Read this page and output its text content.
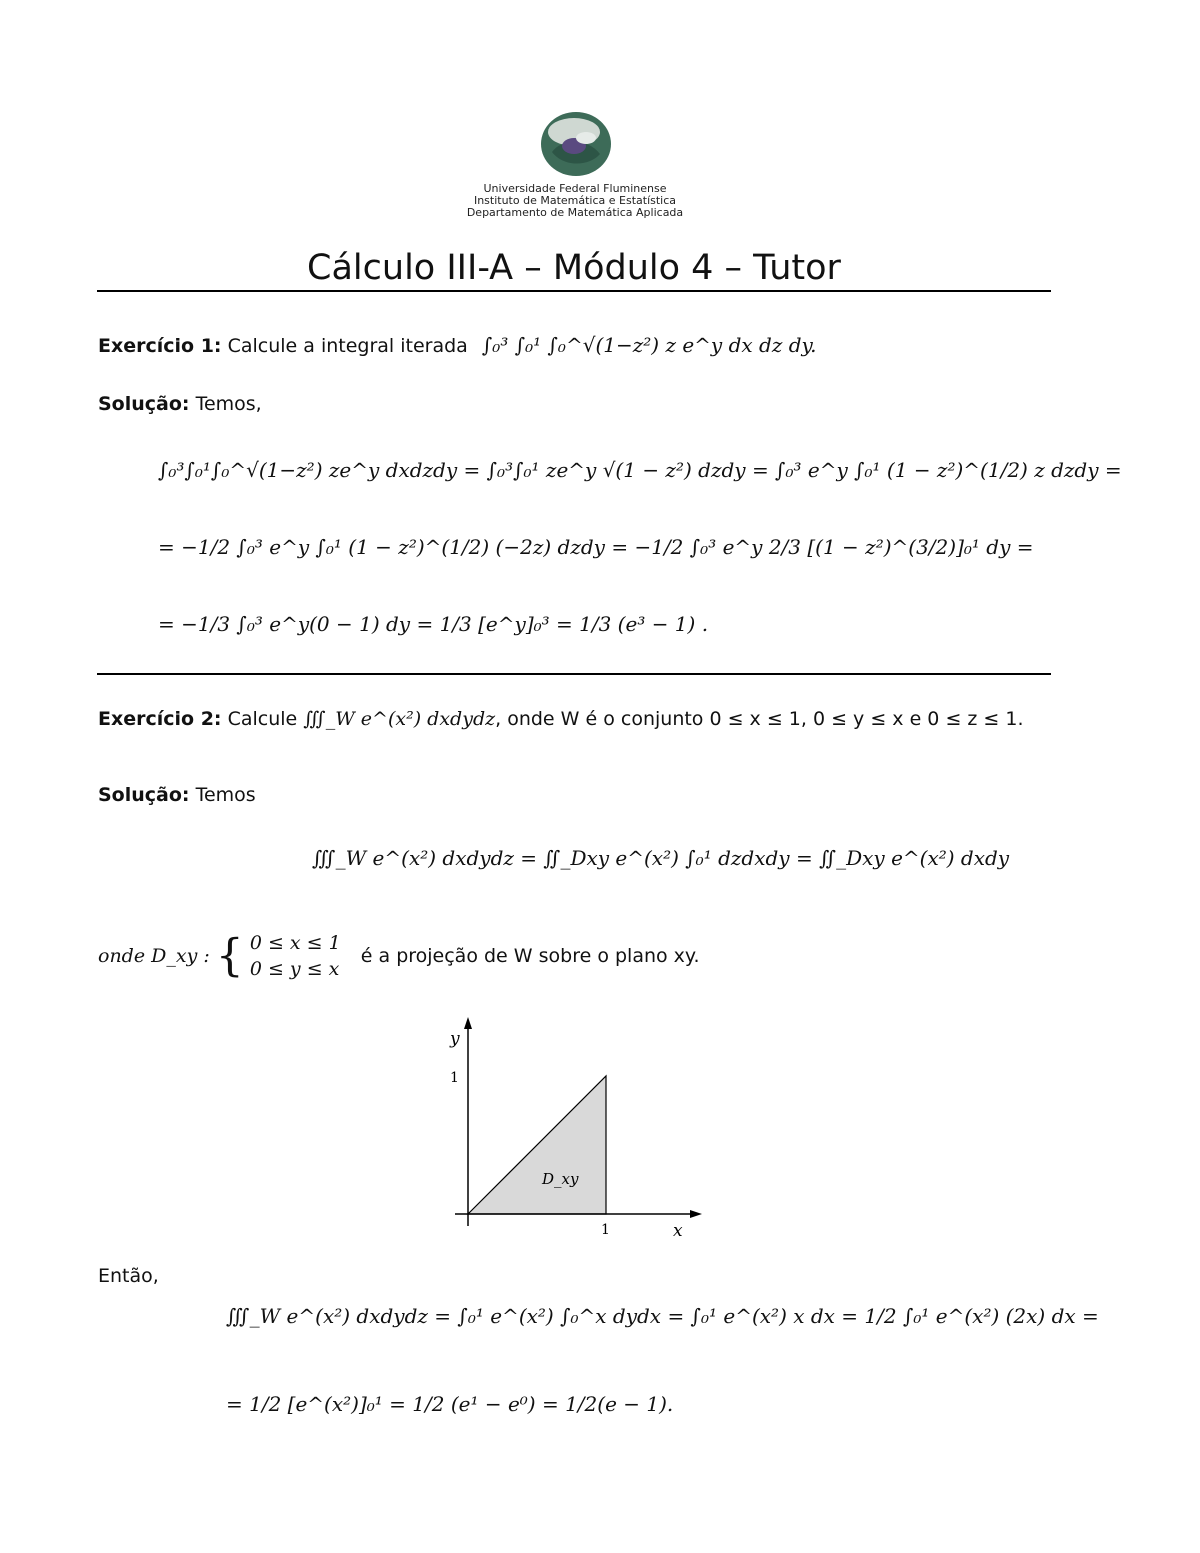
Universidade Federal Fluminense
Instituto de Matemática e Estatística
Departamento de Matemática Aplicada
Cálculo III-A – Módulo 4 – Tutor
Exercício 1: Calcule a integral iterada ∫₀³ ∫₀¹ ∫₀^√(1−z²) z e^y dx dz dy.
Solução: Temos,
∫₀³∫₀¹∫₀^√(1−z²) ze^y dxdzdy = ∫₀³∫₀¹ ze^y √(1 − z²) dzdy = ∫₀³ e^y ∫₀¹ (1 − z²)^(1/2) z dzdy =
= −1/2 ∫₀³ e^y ∫₀¹ (1 − z²)^(1/2) (−2z) dzdy = −1/2 ∫₀³ e^y 2/3 [(1 − z²)^(3/2)]₀¹ dy =
= −1/3 ∫₀³ e^y(0 − 1) dy = 1/3 [e^y]₀³ = 1/3 (e³ − 1) .
Exercício 2: Calcule ∭_W e^(x²) dxdydz, onde W é o conjunto 0 ≤ x ≤ 1, 0 ≤ y ≤ x e 0 ≤ z ≤ 1.
Solução: Temos
∭_W e^(x²) dxdydz = ∬_Dxy e^(x²) ∫₀¹ dzdxdy = ∬_Dxy e^(x²) dxdy
onde D_xy : { 0 ≤ x ≤ 1
0 ≤ y ≤ x
é a projeção de W sobre o plano xy.
y
1
1	x
D_xy
Então,
∭_W e^(x²) dxdydz = ∫₀¹ e^(x²) ∫₀^x dydx = ∫₀¹ e^(x²) x dx = 1/2 ∫₀¹ e^(x²) (2x) dx =
= 1/2 [e^(x²)]₀¹ = 1/2 (e¹ − e⁰) = 1/2(e − 1).
